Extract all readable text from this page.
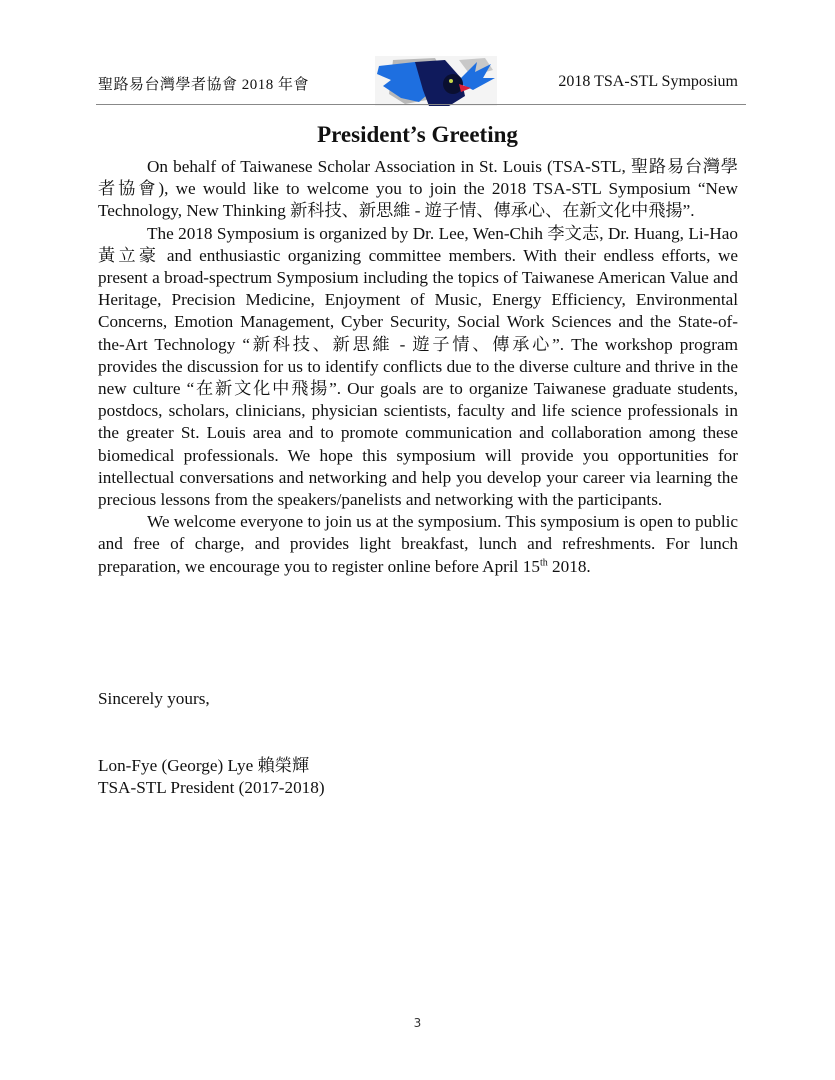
聖路易台灣學者協會 2018 年會	2018 TSA-STL Symposium
President’s Greeting

On behalf of Taiwanese Scholar Association in St. Louis (TSA-STL, 聖路易台灣學者協會), we would like to welcome you to join the 2018 TSA-STL Symposium “New Technology, New Thinking 新科技、新思維 - 遊子情、傳承心、在新文化中飛揚”.

The 2018 Symposium is organized by Dr. Lee, Wen-Chih 李文志, Dr. Huang, Li-Hao 黃立豪 and enthusiastic organizing committee members. With their endless efforts, we present a broad-spectrum Symposium including the topics of Taiwanese American Value and Heritage, Precision Medicine, Enjoyment of Music, Energy Efficiency, Environmental Concerns, Emotion Management, Cyber Security, Social Work Sciences and the State-of-the-Art Technology “新科技、新思維 - 遊子情、傳承心”. The workshop program provides the discussion for us to identify conflicts due to the diverse culture and thrive in the new culture “在新文化中飛揚”. Our goals are to organize Taiwanese graduate students, postdocs, scholars, clinicians, physician scientists, faculty and life science professionals in the greater St. Louis area and to promote communication and collaboration among these biomedical professionals. We hope this symposium will provide you opportunities for intellectual conversations and networking and help you develop your career via learning the precious lessons from the speakers/panelists and networking with the participants.

We welcome everyone to join us at the symposium. This symposium is open to public and free of charge, and provides light breakfast, lunch and refreshments. For lunch preparation, we encourage you to register online before April 15th 2018.

Sincerely yours,
Lon-Fye (George) Lye 賴榮輝
TSA-STL President (2017-2018)
3
